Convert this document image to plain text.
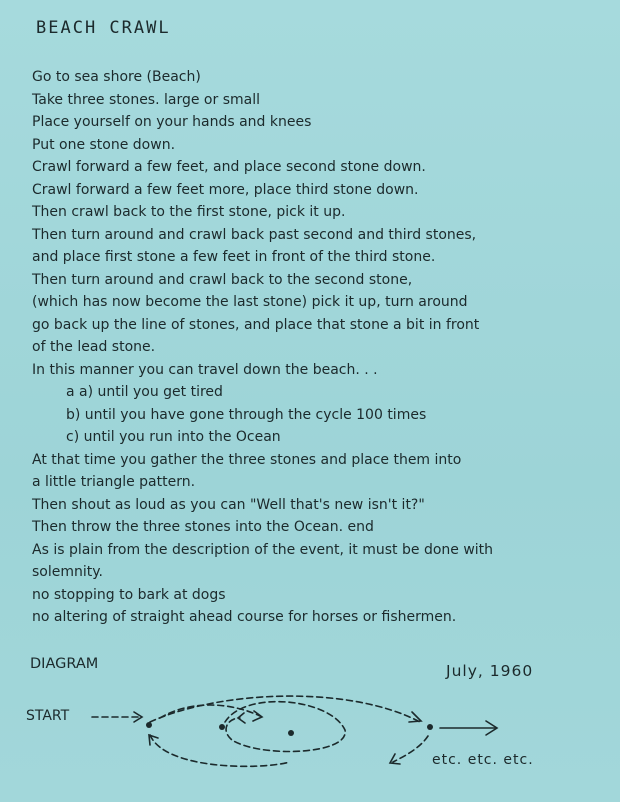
BEACH CRAWL
Go to sea shore (Beach)
Take three stones. large or small
Place yourself on your hands and knees
Put one stone down.
Crawl forward a few feet, and place second stone down.
Crawl forward a few feet more, place third stone down.
Then crawl back to the first stone, pick it up.
Then turn around and crawl back past second and third stones,
and place first stone a few feet in front of the third stone.
Then turn around and crawl back to the second stone,
(which has now become the last stone) pick it up, turn around
go back up the line of stones, and place that stone a bit in front
of the lead stone.
In this manner you can travel down the beach. . .
a a) until you get tired
b) until you have gone through the cycle 100 times
c) until you run into the Ocean
At that time you gather the three stones and place them into
a little triangle pattern.
Then shout as loud as you can "Well that's new isn't it?"
Then throw the three stones into the Ocean. end
As is plain from the description of the event, it must be done with
solemnity.
no stopping to bark at dogs
no altering of straight ahead course for horses or fishermen.
DIAGRAM	July, 1960
START
etc. etc. etc.
